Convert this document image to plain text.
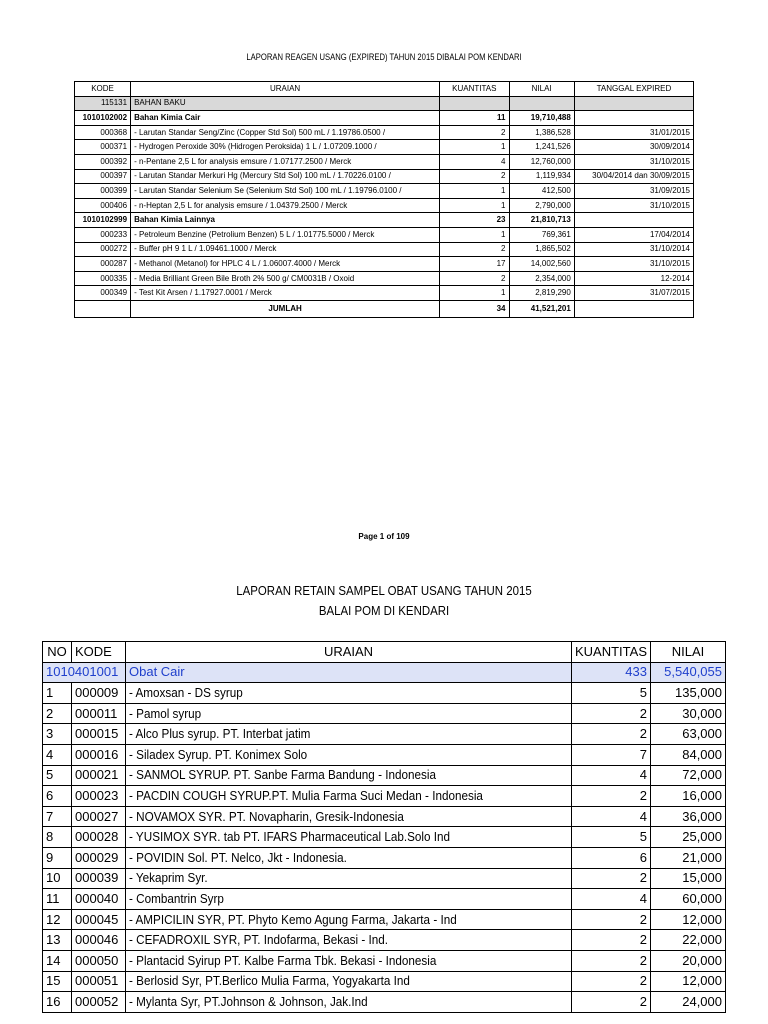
LAPORAN REAGEN USANG (EXPIRED) TAHUN 2015 DIBALAI POM KENDARI
KODE	URAIAN	KUANTITAS	NILAI	TANGGAL EXPIRED
115131	BAHAN BAKU			
1010102002	Bahan Kimia Cair	11	19,710,488	
000368	- Larutan Standar Seng/Zinc (Copper Std Sol) 500 mL / 1.19786.0500 /	2	1,386,528	31/01/2015
000371	- Hydrogen Peroxide 30% (Hidrogen Peroksida) 1 L / 1.07209.1000 /	1	1,241,526	30/09/2014
000392	- n-Pentane 2,5 L for analysis emsure / 1.07177.2500 / Merck	4	12,760,000	31/10/2015
000397	- Larutan Standar Merkuri Hg (Mercury Std Sol) 100 mL / 1.70226.0100 /	2	1,119,934	30/04/2014 dan 30/09/2015
000399	- Larutan Standar Selenium Se (Selenium Std Sol) 100 mL / 1.19796.0100 /	1	412,500	31/09/2015
000406	- n-Heptan 2,5 L for analysis emsure / 1.04379.2500 / Merck	1	2,790,000	31/10/2015
1010102999	Bahan Kimia Lainnya	23	21,810,713	
000233	- Petroleum Benzine (Petrolium Benzen) 5 L / 1.01775.5000 / Merck	1	769,361	17/04/2014
000272	- Buffer pH 9 1 L / 1.09461.1000 / Merck	2	1,865,502	31/10/2014
000287	- Methanol (Metanol) for HPLC 4 L / 1.06007.4000 / Merck	17	14,002,560	31/10/2015
000335	- Media Brilliant Green Bile Broth 2% 500 g/ CM0031B / Oxoid	2	2,354,000	12-2014
000349	- Test Kit Arsen / 1.17927.0001 / Merck	1	2,819,290	31/07/2015
	JUMLAH	34	41,521,201	
Page 1 of 109
LAPORAN RETAIN SAMPEL OBAT USANG TAHUN 2015
BALAI POM DI KENDARI
NO	KODE	URAIAN	KUANTITAS	NILAI
1010401001		Obat Cair	433	5,540,055
1	000009	- Amoxsan - DS syrup	5	135,000
2	000011	- Pamol syrup	2	30,000
3	000015	- Alco Plus syrup. PT. Interbat jatim	2	63,000
4	000016	- Siladex Syrup. PT. Konimex Solo	7	84,000
5	000021	- SANMOL SYRUP. PT. Sanbe Farma Bandung - Indonesia	4	72,000
6	000023	- PACDIN COUGH SYRUP.PT. Mulia Farma Suci Medan - Indonesia	2	16,000
7	000027	- NOVAMOX SYR. PT. Novapharin, Gresik-Indonesia	4	36,000
8	000028	- YUSIMOX SYR. tab PT. IFARS Pharmaceutical Lab.Solo Ind	5	25,000
9	000029	- POVIDIN Sol. PT. Nelco, Jkt - Indonesia.	6	21,000
10	000039	- Yekaprim Syr.	2	15,000
11	000040	- Combantrin Syrp	4	60,000
12	000045	- AMPICILIN SYR, PT. Phyto Kemo Agung Farma, Jakarta - Ind	2	12,000
13	000046	- CEFADROXIL SYR, PT. Indofarma, Bekasi - Ind.	2	22,000
14	000050	- Plantacid Syirup PT. Kalbe Farma Tbk. Bekasi - Indonesia	2	20,000
15	000051	- Berlosid Syr, PT.Berlico Mulia Farma, Yogyakarta Ind	2	12,000
16	000052	- Mylanta Syr, PT.Johnson & Johnson, Jak.Ind	2	24,000
